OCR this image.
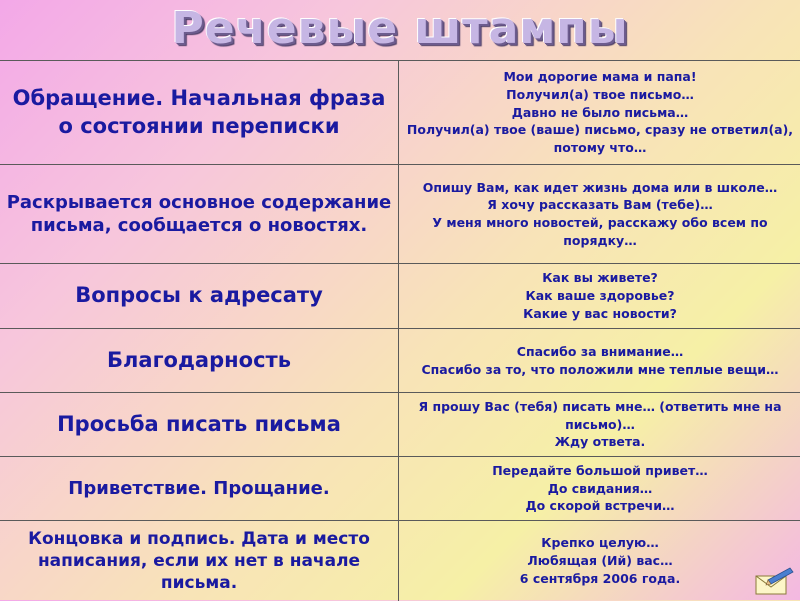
Речевые штампы
Обращение. Начальная фраза о состоянии переписки
Мои дорогие мама и папа!
Получил(а) твое письмо…
Давно не было письма…
Получил(а) твое (ваше) письмо, сразу не ответил(а), потому что…
Раскрывается основное содержание письма, сообщается о новостях.
Опишу Вам, как идет жизнь дома или в школе…
Я хочу рассказать Вам (тебе)…
У меня много новостей, расскажу обо всем по порядку…
Вопросы к адресату
Как вы живете?
Как ваше здоровье?
Какие у вас новости?
Благодарность	Спасибо за внимание…
Спасибо за то, что положили мне теплые вещи…
Просьба писать письма
Я прошу Вас (тебя) писать мне… (ответить мне на письмо)…
Жду ответа.
Приветствие. Прощание.
Передайте большой привет…
До свидания…
До скорой встречи…
Концовка и подпись. Дата и место написания, если их нет в начале письма.
Крепко целую…
Любящая (Ий) вас…
6 сентября 2006 года.
